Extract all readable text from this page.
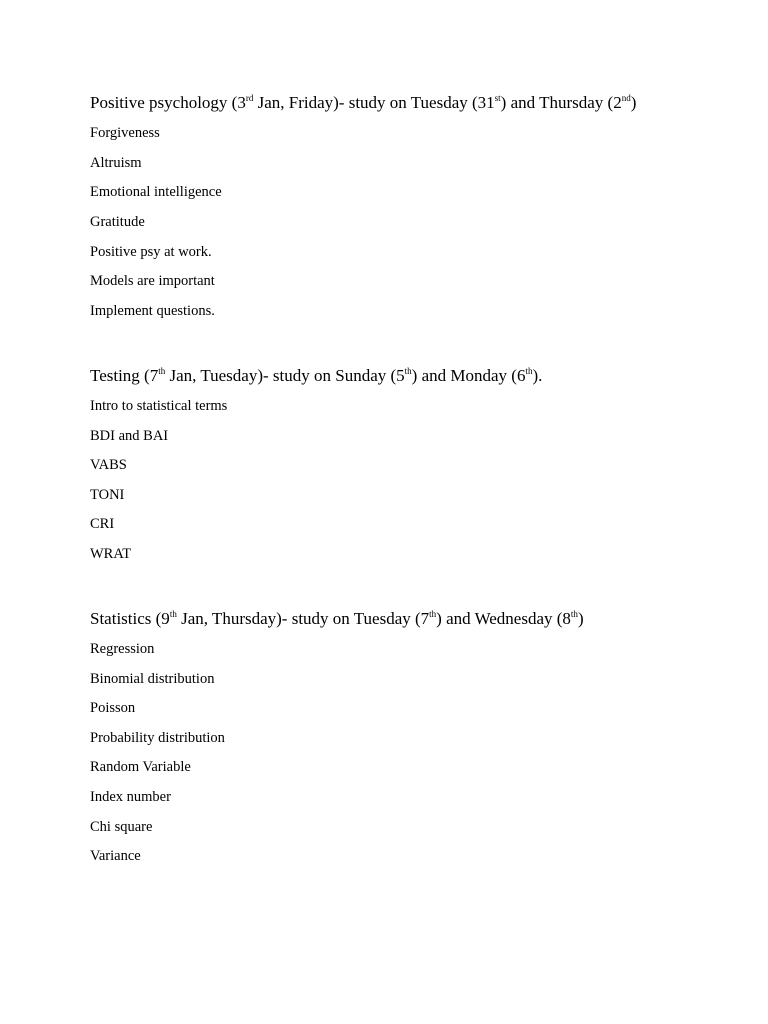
Positive psychology (3rd Jan, Friday)- study on Tuesday (31st) and Thursday (2nd)
Forgiveness
Altruism
Emotional intelligence
Gratitude
Positive psy at work.
Models are important
Implement questions.
Testing (7th Jan, Tuesday)- study on Sunday (5th) and Monday (6th).
Intro to statistical terms
BDI and BAI
VABS
TONI
CRI
WRAT
Statistics (9th Jan, Thursday)- study on Tuesday (7th) and Wednesday (8th)
Regression
Binomial distribution
Poisson
Probability distribution
Random Variable
Index number
Chi square
Variance
